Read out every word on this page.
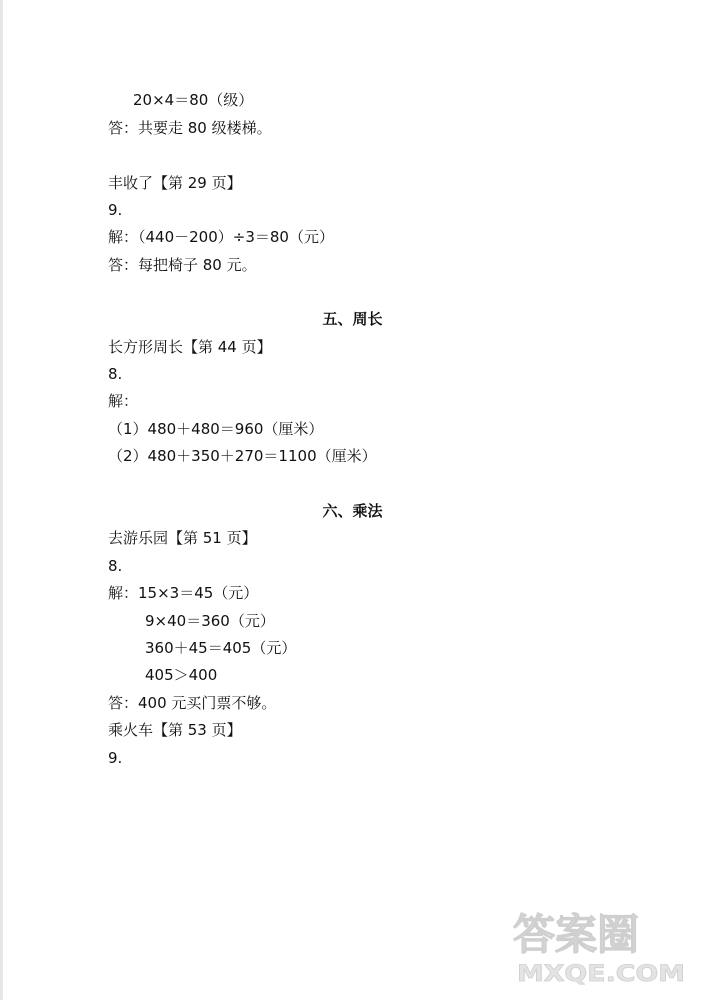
20×4＝80（级）
答：共要走 80 级楼梯。
丰收了【第 29 页】
9.
解：（440－200）÷3＝80（元）
答：每把椅子 80 元。
五、周长
长方形周长【第 44 页】
8.
解：
（1）480＋480＝960（厘米）
（2）480＋350＋270＝1100（厘米）
六、乘法
去游乐园【第 51 页】
8.
解：15×3＝45（元）
9×40＝360（元）
360＋45＝405（元）
405＞400
答：400 元买门票不够。
乘火车【第 53 页】
9.
答案圈
MXQE.COM
